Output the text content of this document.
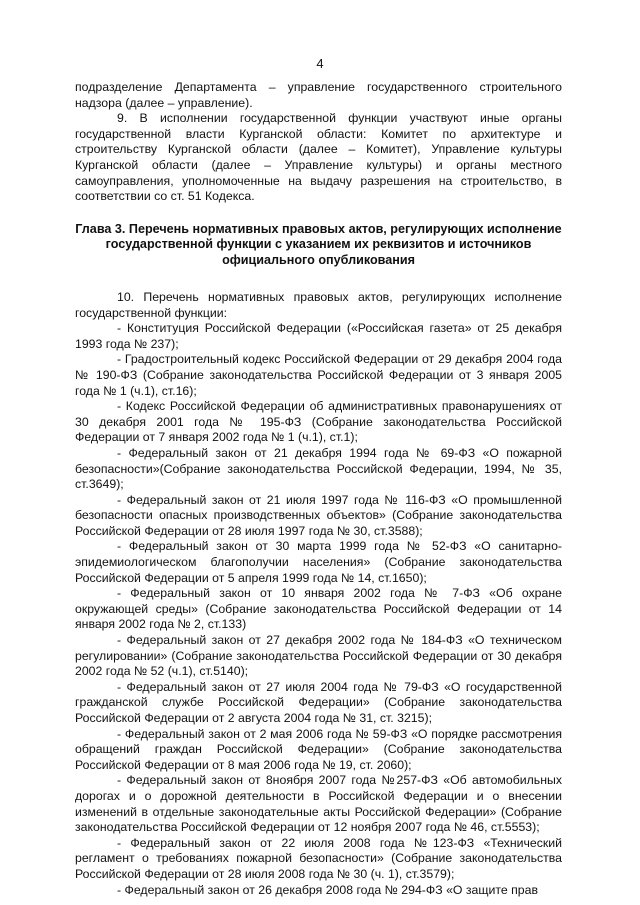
4

подразделение Департамента – управление государственного строительного надзора (далее – управление).

9. В исполнении государственной функции участвуют иные органы государственной власти Курганской области: Комитет по архитектуре и строительству Курганской области (далее – Комитет), Управление культуры Курганской области (далее – Управление культуры) и органы местного самоуправления, уполномоченные на выдачу разрешения на строительство, в соответствии со ст. 51 Кодекса.

Глава 3. Перечень нормативных правовых актов, регулирующих исполнение государственной функции с указанием их реквизитов и источников официального опубликования

10. Перечень нормативных правовых актов, регулирующих исполнение государственной функции:

- Конституция Российской Федерации («Российская газета» от 25 декабря 1993 года № 237);

- Градостроительный кодекс Российской Федерации от 29 декабря 2004 года № 190-ФЗ (Собрание законодательства Российской Федерации от 3 января 2005 года № 1 (ч.1), ст.16);

- Кодекс Российской Федерации об административных правонарушениях от 30 декабря 2001 года № 195-ФЗ (Собрание законодательства Российской Федерации от 7 января 2002 года № 1 (ч.1), ст.1);

- Федеральный закон от 21 декабря 1994 года № 69-ФЗ «О пожарной безопасности»(Собрание законодательства Российской Федерации, 1994, № 35, ст.3649);

- Федеральный закон от 21 июля 1997 года № 116-ФЗ «О промышленной безопасности опасных производственных объектов» (Собрание законодательства Российской Федерации от 28 июля 1997 года № 30, ст.3588);

- Федеральный закон от 30 марта 1999 года № 52-ФЗ «О санитарно-эпидемиологическом благополучии населения» (Собрание законодательства Российской Федерации от 5 апреля 1999 года № 14, ст.1650);

- Федеральный закон от 10 января 2002 года № 7-ФЗ «Об охране окружающей среды» (Собрание законодательства Российской Федерации от 14 января 2002 года № 2, ст.133)

- Федеральный закон от 27 декабря 2002 года № 184-ФЗ «О техническом регулировании» (Собрание законодательства Российской Федерации от 30 декабря 2002 года № 52 (ч.1), ст.5140);

- Федеральный закон от 27 июля 2004 года № 79-ФЗ «О государственной гражданской службе Российской Федерации» (Собрание законодательства Российской Федерации от 2 августа 2004 года № 31, ст. 3215);

- Федеральный закон от 2 мая 2006 года № 59-ФЗ «О порядке рассмотрения обращений граждан Российской Федерации» (Собрание законодательства Российской Федерации от 8 мая 2006 года № 19, ст. 2060);

- Федеральный закон от 8ноября 2007 года №257-ФЗ «Об автомобильных дорогах и о дорожной деятельности в Российской Федерации и о внесении изменений в отдельные законодательные акты Российской Федерации» (Собрание законодательства Российской Федерации от 12 ноября 2007 года № 46, ст.5553);

- Федеральный закон от 22 июля 2008 года №123-ФЗ «Технический регламент о требованиях пожарной безопасности» (Собрание законодательства Российской Федерации от 28 июля 2008 года № 30 (ч. 1), ст.3579);

- Федеральный закон от 26 декабря 2008 года № 294-ФЗ «О защите прав
